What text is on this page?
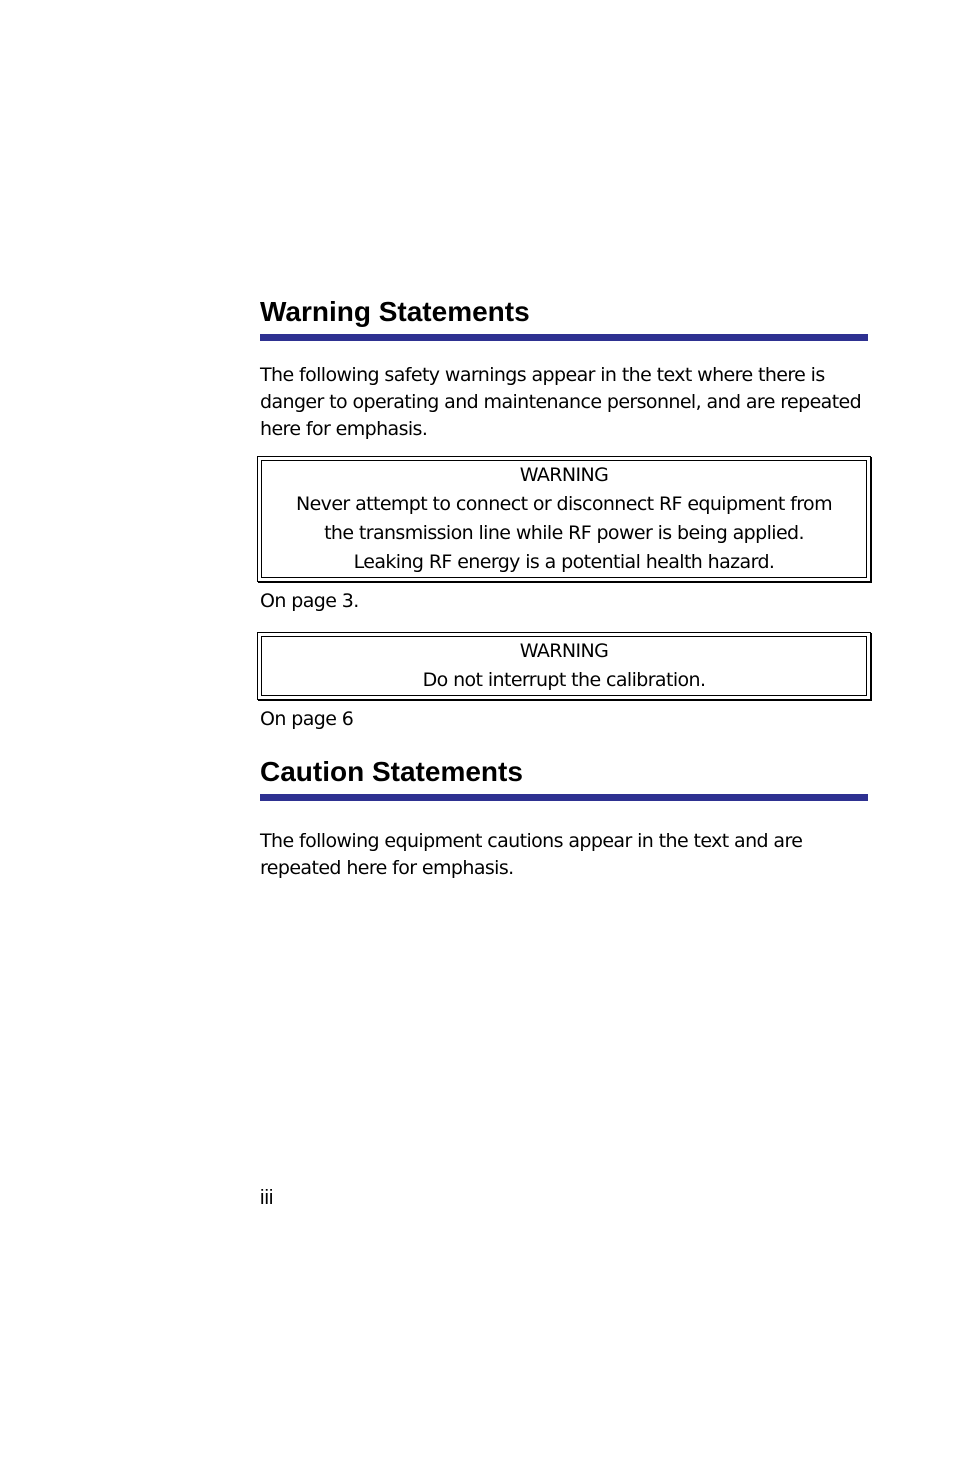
Warning Statements

The following safety warnings appear in the text where there is danger to operating and maintenance personnel, and are repeated here for emphasis.

WARNING
Never attempt to connect or disconnect RF equipment from
the transmission line while RF power is being applied.
Leaking RF energy is a potential health hazard.

On page 3.

WARNING
Do not interrupt the calibration.

On page 6

Caution Statements

The following equipment cautions appear in the text and are repeated here for emphasis.

iii
